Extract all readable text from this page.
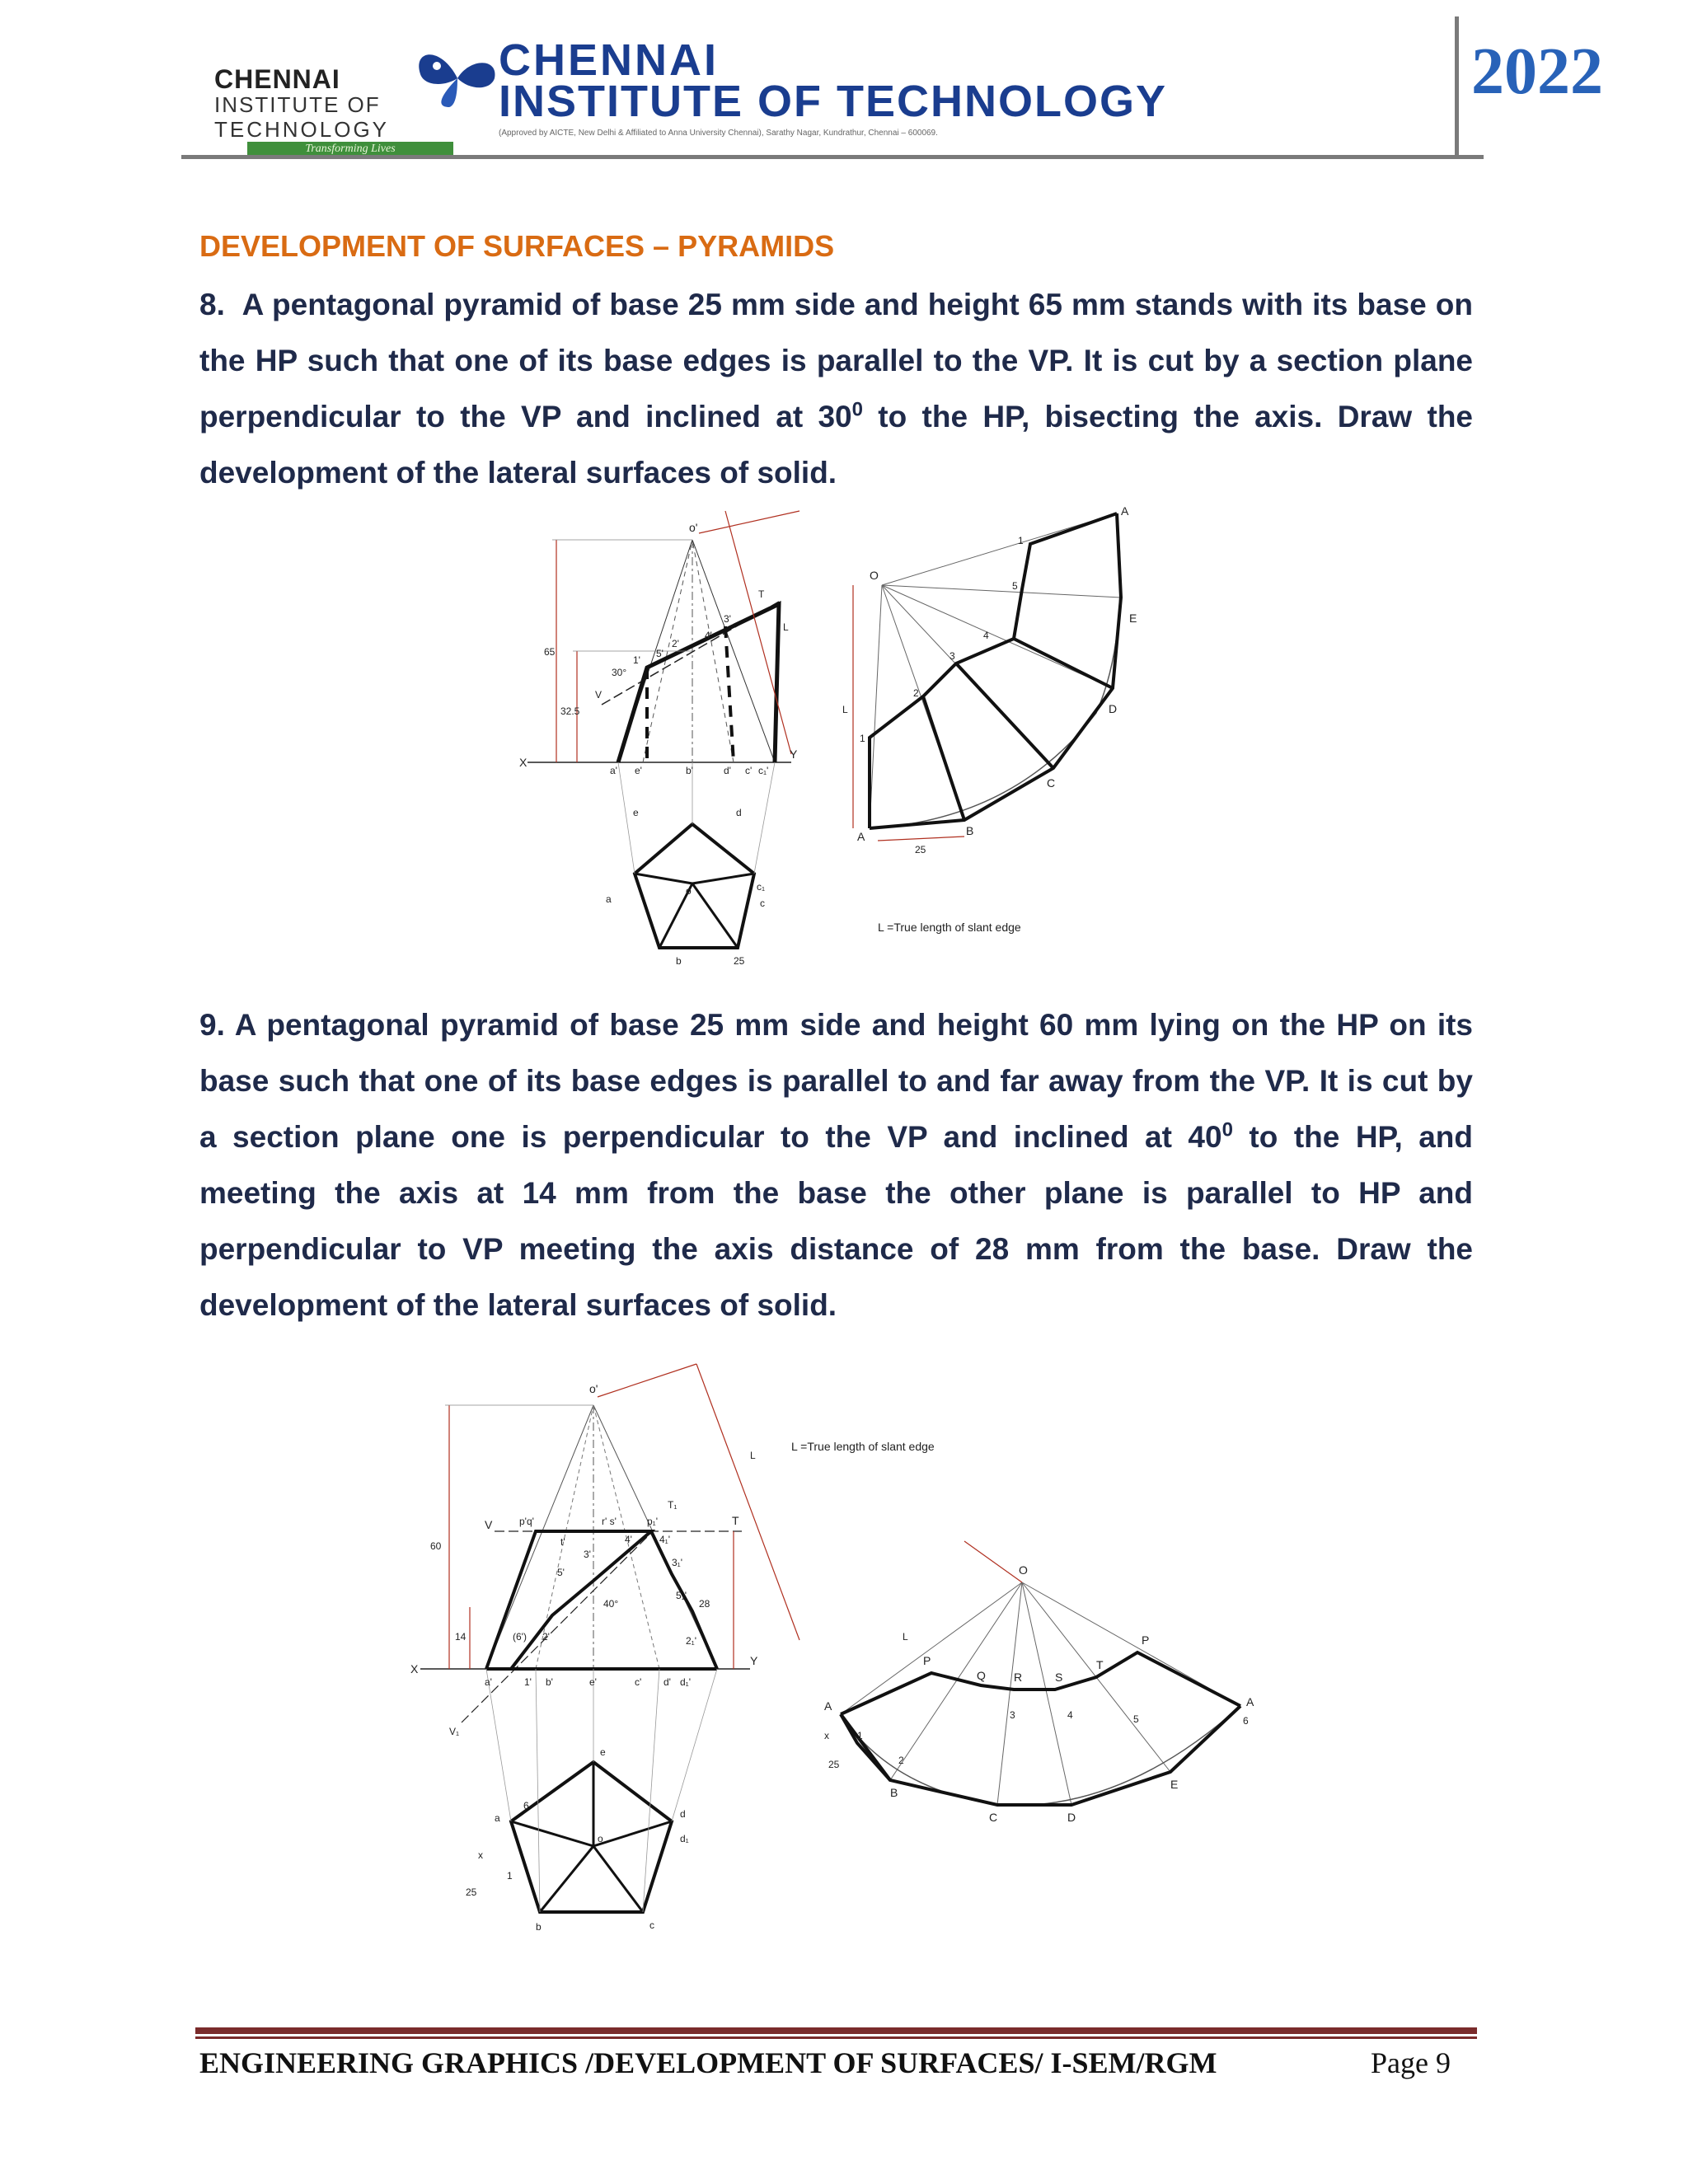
CHENNAI
INSTITUTE OF
TECHNOLOGY
Transforming Lives
CHENNAI
INSTITUTE OF TECHNOLOGY
(Approved by AICTE, New Delhi & Affiliated to Anna University Chennai), Sarathy Nagar, Kundrathur, Chennai – 600069.
2022
DEVELOPMENT OF SURFACES – PYRAMIDS
8. A pentagonal pyramid of base 25 mm side and height 65 mm stands with its base on the HP such that one of its base edges is parallel to the VP. It is cut by a section plane perpendicular to the VP and inclined at $30^0$ to the HP, bisecting the axis. Draw the development of the lateral surfaces of solid.
o'
65
32.5
30°
X
Y
V
T
L
a' e'	b'	d' c' c₁'
1'
2'
3'
4'
5'
a
b
c
d
e
o	c₁
25
O
A	B
C
D
E
A
1
2
3
4
5
1
L
25
L =True length of slant edge
9. A pentagonal pyramid of base 25 mm side and height 60 mm lying on the HP on its base such that one of its base edges is parallel to and far away from the VP. It is cut by a section plane one is perpendicular to the VP and inclined at $40^0$ to the HP, and meeting the axis at 14 mm from the base the other plane is parallel to HP and perpendicular to VP meeting the axis distance of 28 mm from the base. Draw the development of the lateral surfaces of solid.
o'
60
14
28
40°
V	T
V₁
T₁
L
X
Y
p'q'	r' s'	p₁'
t'
3'
4'
5'
(6') 2'
1'
a'	b'	e'	c' d' d₁'
3₁'
4₁'
5₁'
2₁'
a
b	c
d
e
o	d₁
6
1
x
25
L =True length of slant edge
O
A
B
C	D
E
A
P
Q R	S
T
P
L
1
2
3	4	5	6
x
25
ENGINEERING GRAPHICS /DEVELOPMENT OF SURFACES/ I-SEM/RGM	Page 9
